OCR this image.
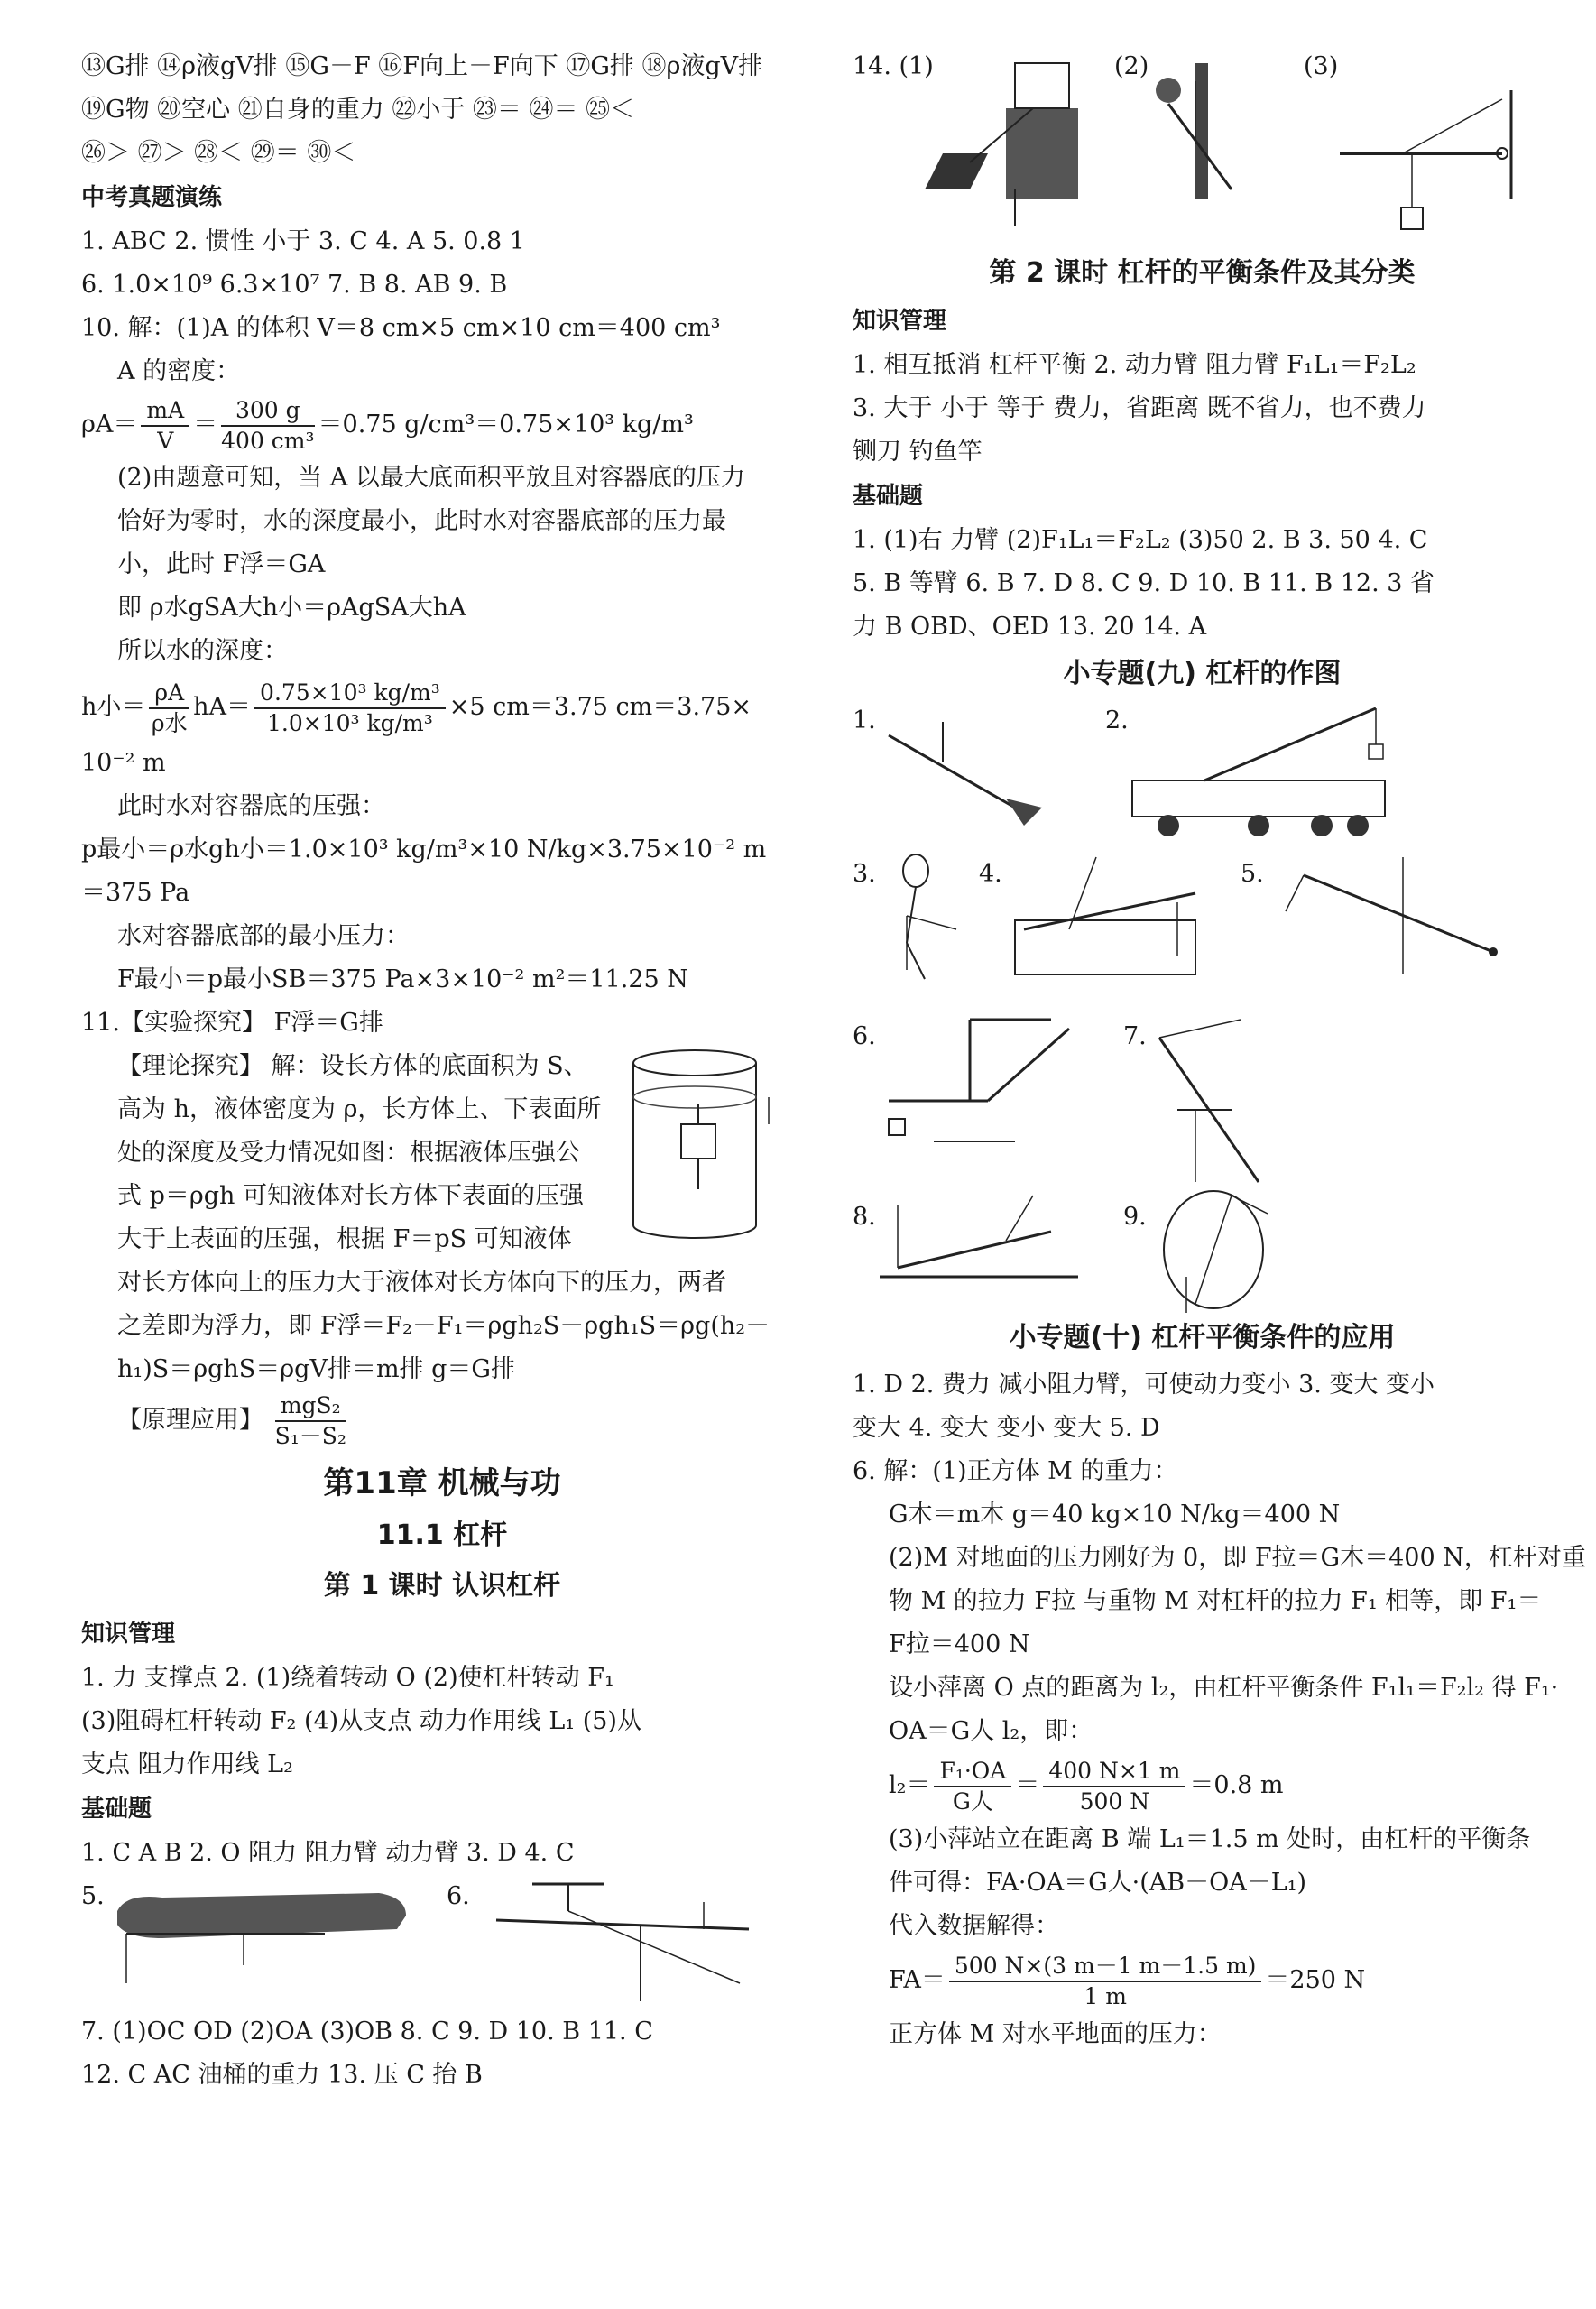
⑬G排 ⑭ρ液gV排 ⑮G－F ⑯F向上－F向下 ⑰G排 ⑱ρ液gV排
⑲G物 ⑳空心 ㉑自身的重力 ㉒小于 ㉓＝ ㉔＝ ㉕＜
㉖＞ ㉗＞ ㉘＜ ㉙＝ ㉚＜
中考真题演练
1. ABC 2. 惯性 小于 3. C 4. A 5. 0.8 1
6. 1.0×10⁹ 6.3×10⁷ 7. B 8. AB 9. B
10. 解：(1)A 的体积 V＝8 cm×5 cm×10 cm＝400 cm³
A 的密度：
$\rho A= \frac{mA}{V} = \frac{300 g}{\text{400 cm³}} =0.75$ g/cm³＝0.75×10³ kg/m³
(2)由题意可知，当 A 以最大底面积平放且对容器底的压力
恰好为零时，水的深度最小，此时水对容器底部的压力最
小，此时 F浮＝GA
即 ρ水gSA大h小＝ρAgSA大hA
所以水的深度：
h小＝ $\frac{\rho A}{\text{ρ水}} hA= \frac{\text{0.75×10³ kg/m³}}{\text{1.0×10³ kg/m³}} \times 5$ cm＝3.75 cm＝3.75×
10⁻² m
此时水对容器底的压强：
p最小＝ρ水gh小＝1.0×10³ kg/m³×10 N/kg×3.75×10⁻² m
＝375 Pa
水对容器底部的最小压力：
F最小＝p最小SB＝375 Pa×3×10⁻² m²＝11.25 N
11.【实验探究】 F浮＝G排
【理论探究】 解：设长方体的底面积为 S、
高为 h，液体密度为 ρ，长方体上、下表面所
处的深度及受力情况如图：根据液体压强公
式 p＝ρgh 可知液体对长方体下表面的压强
大于上表面的压强，根据 F＝pS 可知液体
对长方体向上的压力大于液体对长方体向下的压力，两者
之差即为浮力，即 F浮＝F₂－F₁＝ρgh₂S－ρgh₁S＝ρg(h₂－
h₁)S＝ρghS＝ρgV排＝m排 g＝G排
【原理应用】 $\frac{\text{mgS₂}}{\text{S₁－S₂}}$
第11章 机械与功
11.1 杠杆
第 1 课时 认识杠杆
知识管理
1. 力 支撑点 2. (1)绕着转动 O (2)使杠杆转动 F₁
(3)阻碍杠杆转动 F₂ (4)从支点 动力作用线 L₁ (5)从
支点 阻力作用线 L₂
基础题
1. C A B 2. O 阻力 阻力臂 动力臂 3. D 4. C
5.	6.
7. (1)OC OD (2)OA (3)OB 8. C 9. D 10. B 11. C
12. C AC 油桶的重力 13. 压 C 抬 B
14. (1)	(2)	(3)
第 2 课时 杠杆的平衡条件及其分类
知识管理
1. 相互抵消 杠杆平衡 2. 动力臂 阻力臂 F₁L₁＝F₂L₂
3. 大于 小于 等于 费力，省距离 既不省力，也不费力
铡刀 钓鱼竿
基础题
1. (1)右 力臂 (2)F₁L₁＝F₂L₂ (3)50 2. B 3. 50 4. C
5. B 等臂 6. B 7. D 8. C 9. D 10. B 11. B 12. 3 省
力 B OBD、OED 13. 20 14. A
小专题(九) 杠杆的作图
1.	2.
3.	4.	5.
6.	7.
8.	9.
小专题(十) 杠杆平衡条件的应用
1. D 2. 费力 减小阻力臂，可使动力变小 3. 变大 变小
变大 4. 变大 变小 变大 5. D
6. 解：(1)正方体 M 的重力：
G木＝m木 g＝40 kg×10 N/kg＝400 N
(2)M 对地面的压力刚好为 0，即 F拉＝G木＝400 N，杠杆对重
物 M 的拉力 F拉 与重物 M 对杠杆的拉力 F₁ 相等，即 F₁＝
F拉＝400 N
设小萍离 O 点的距离为 l₂，由杠杆平衡条件 F₁l₁＝F₂l₂ 得 F₁·
OA＝G人 l₂，即：
$l_2= \frac{\text{F₁·OA}}{\text{G人}} = \frac{400 N\times 1 m}{500 N} =0.8$ m
(3)小萍站立在距离 B 端 L₁＝1.5 m 处时，由杠杆的平衡条
件可得：FA·OA＝G人·(AB－OA－L₁)
代入数据解得：
$FA= \frac{500 N\times(3 m-1 m-1.5 m)}{1 m} =250$ N
正方体 M 对水平地面的压力：
